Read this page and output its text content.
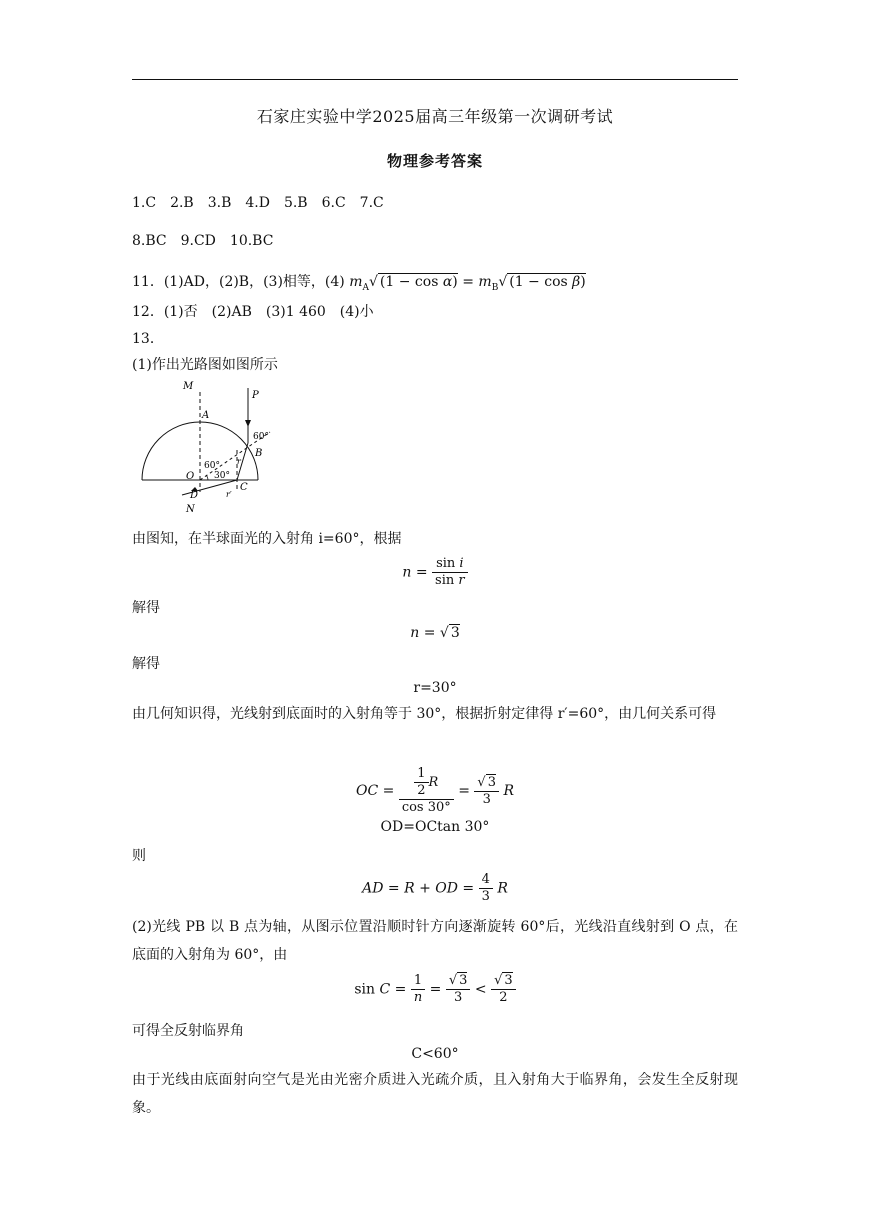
石家庄实验中学2025届高三年级第一次调研考试
物理参考答案
1.C　2.B　3.B　4.D　5.B　6.C　7.C
8.BC　9.CD　10.BC
11．(1)AD，(2)B，(3)相等，(4) $m_A√$ $(1 - \cos \alpha) = m_B√$ (1 − cos β)
12．(1)否　(2)AB　(3)1 460　(4)小
13．
(1)作出光路图如图所示
M
A
P
60°
B
60°
30°
r
O
C
r′
D
N
由图知，在半球面光的入射角 i=60°，根据
$n = \frac{\text{sin i}}{\text{sin r}}$
解得
n = √ 3
解得
r=30°
由几何知识得，光线射到底面时的入射角等于 30°，根据折射定律得 r′=60°，由几何关系可得
OC = $\frac{\frac{1}{2} R}{\cos 30^\circ} = \frac{√ 3}{3}$ R
OD=OCtan 30°
则
AD = R + OD = $\frac{4}{3}$ R
(2)光线 PB 以 B 点为轴，从图示位置沿顺时针方向逐渐旋转 60°后，光线沿直线射到 O 点，在底面的入射角为 60°，由
$\sin C = \frac{1}{n} = \frac{√ 3}{3} < \frac{√ 3}{2}$
可得全反射临界角
C<60°
由于光线由底面射向空气是光由光密介质进入光疏介质，且入射角大于临界角，会发生全反射现象。
